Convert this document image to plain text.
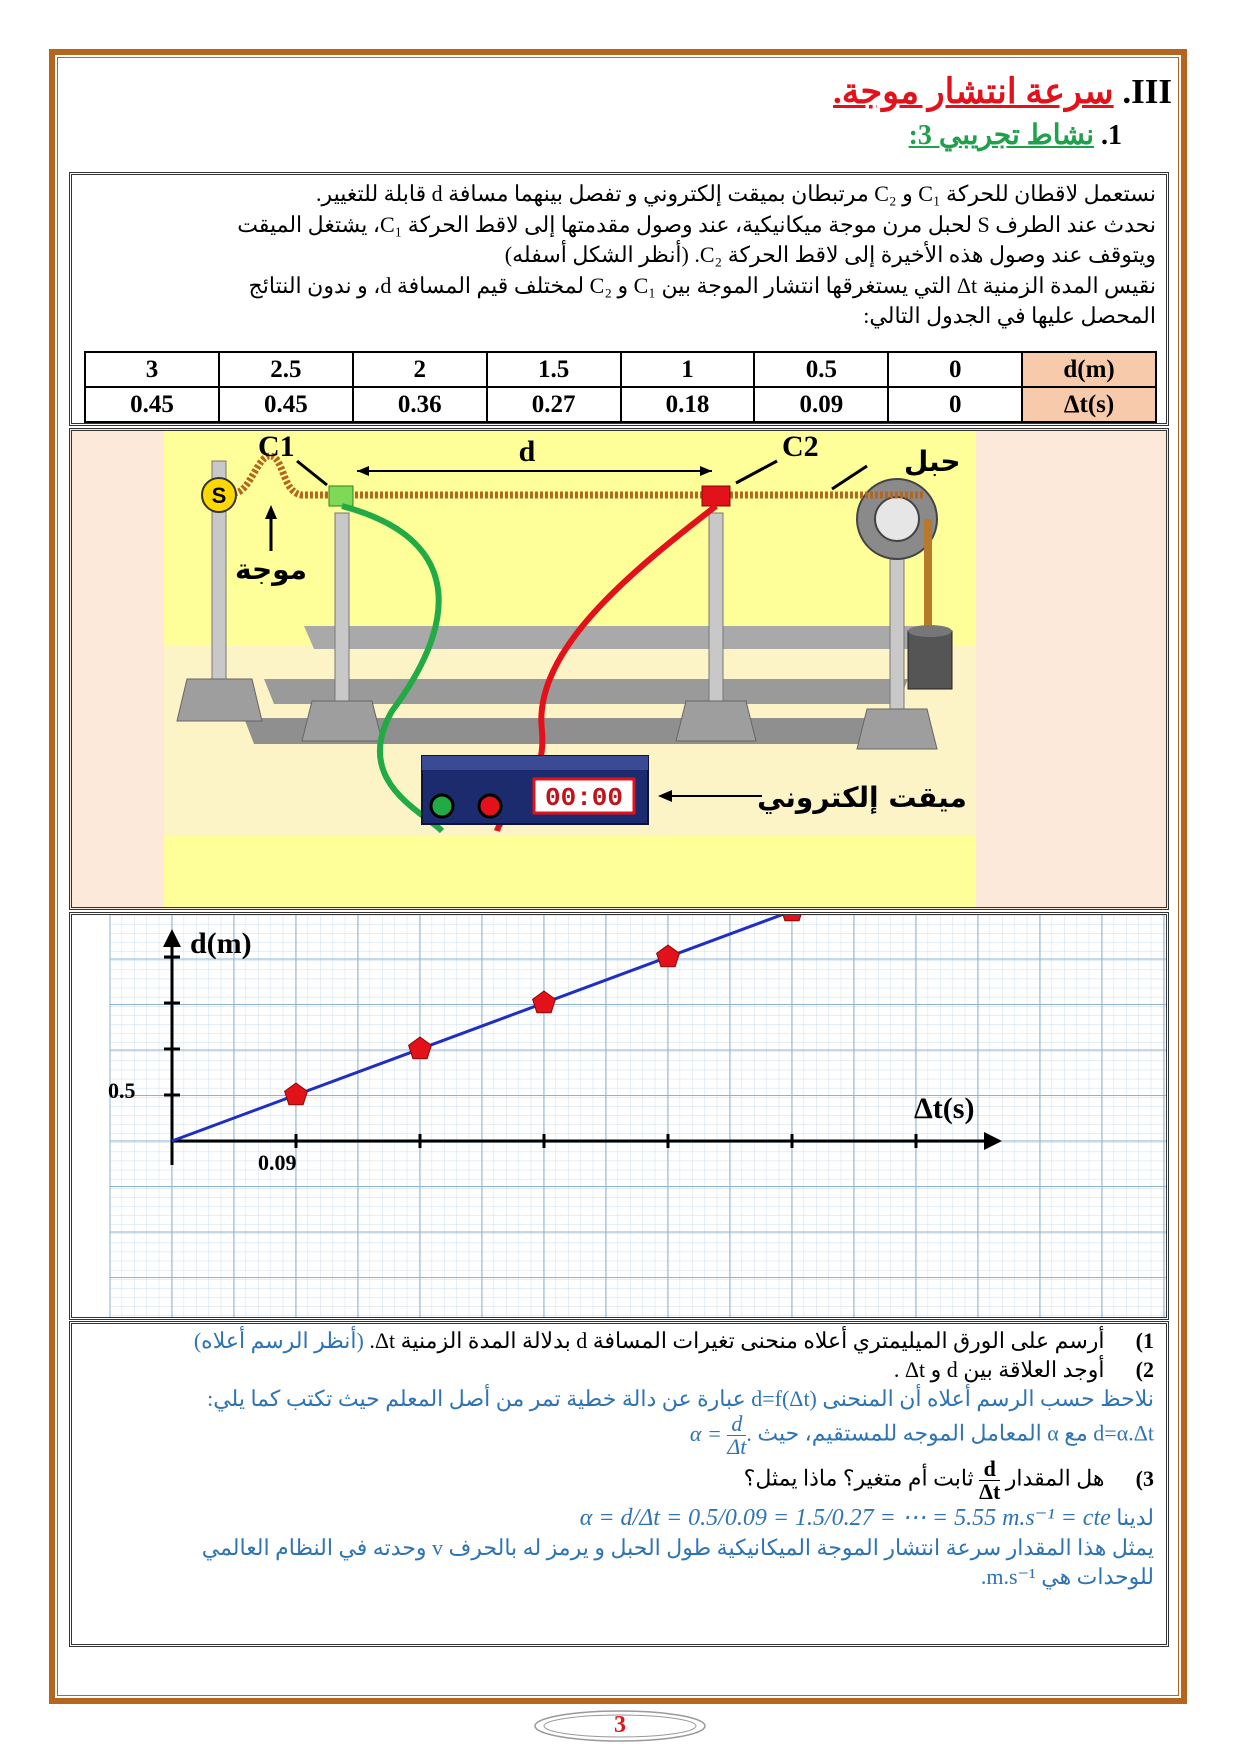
III. سرعة انتشار موجة.
1. نشاط تجريبي 3:

نستعمل لاقطان للحركة C₁ و C₂ مرتبطان بميقت إلكتروني و تفصل بينهما مسافة d قابلة للتغيير.

نحدث عند الطرف S لحبل مرن موجة ميكانيكية، عند وصول مقدمتها إلى لاقط الحركة C₁، يشتغل الميقت

ويتوقف عند وصول هذه الأخيرة إلى لاقط الحركة C₂. (أنظر الشكل أسفله)

نقيس المدة الزمنية Δt التي يستغرقها انتشار الموجة بين C₁ و C₂ لمختلف قيم المسافة d، و ندون النتائج

المحصل عليها في الجدول التالي:

3	2.5	2	1.5	1	0.5	0	d(m)
0.45	0.45	0.36	0.27	0.18	0.09	0	Δt(s)
S
00:00
d
C1	C2	حبل
موجة
ميقت إلكتروني
d(m)
Δt(s)
0.5
0.09

1) أرسم على الورق الميليمتري أعلاه منحنى تغيرات المسافة d بدلالة المدة الزمنية Δt. (أنظر الرسم أعلاه)

2) أوجد العلاقة بين d و Δt .

نلاحظ حسب الرسم أعلاه أن المنحنى d=f(Δt) عبارة عن دالة خطية تمر من أصل المعلم حيث تكتب كما يلي:

d=α.Δt مع α المعامل الموجه للمستقيم، حيث $\alpha = \frac{d}{\Delta t}$ .

3) هل المقدار
$\frac{d}{\Delta t}$
ثابت أم متغير؟ ماذا يمثل؟

لدينا α = d/Δt = 0.5/0.09 = 1.5/0.27 = ⋯ = 5.55 m.s⁻¹ = cte

يمثل هذا المقدار سرعة انتشار الموجة الميكانيكية طول الحبل و يرمز له بالحرف v وحدته في النظام العالمي

للوحدات هي m.s⁻¹.

3
